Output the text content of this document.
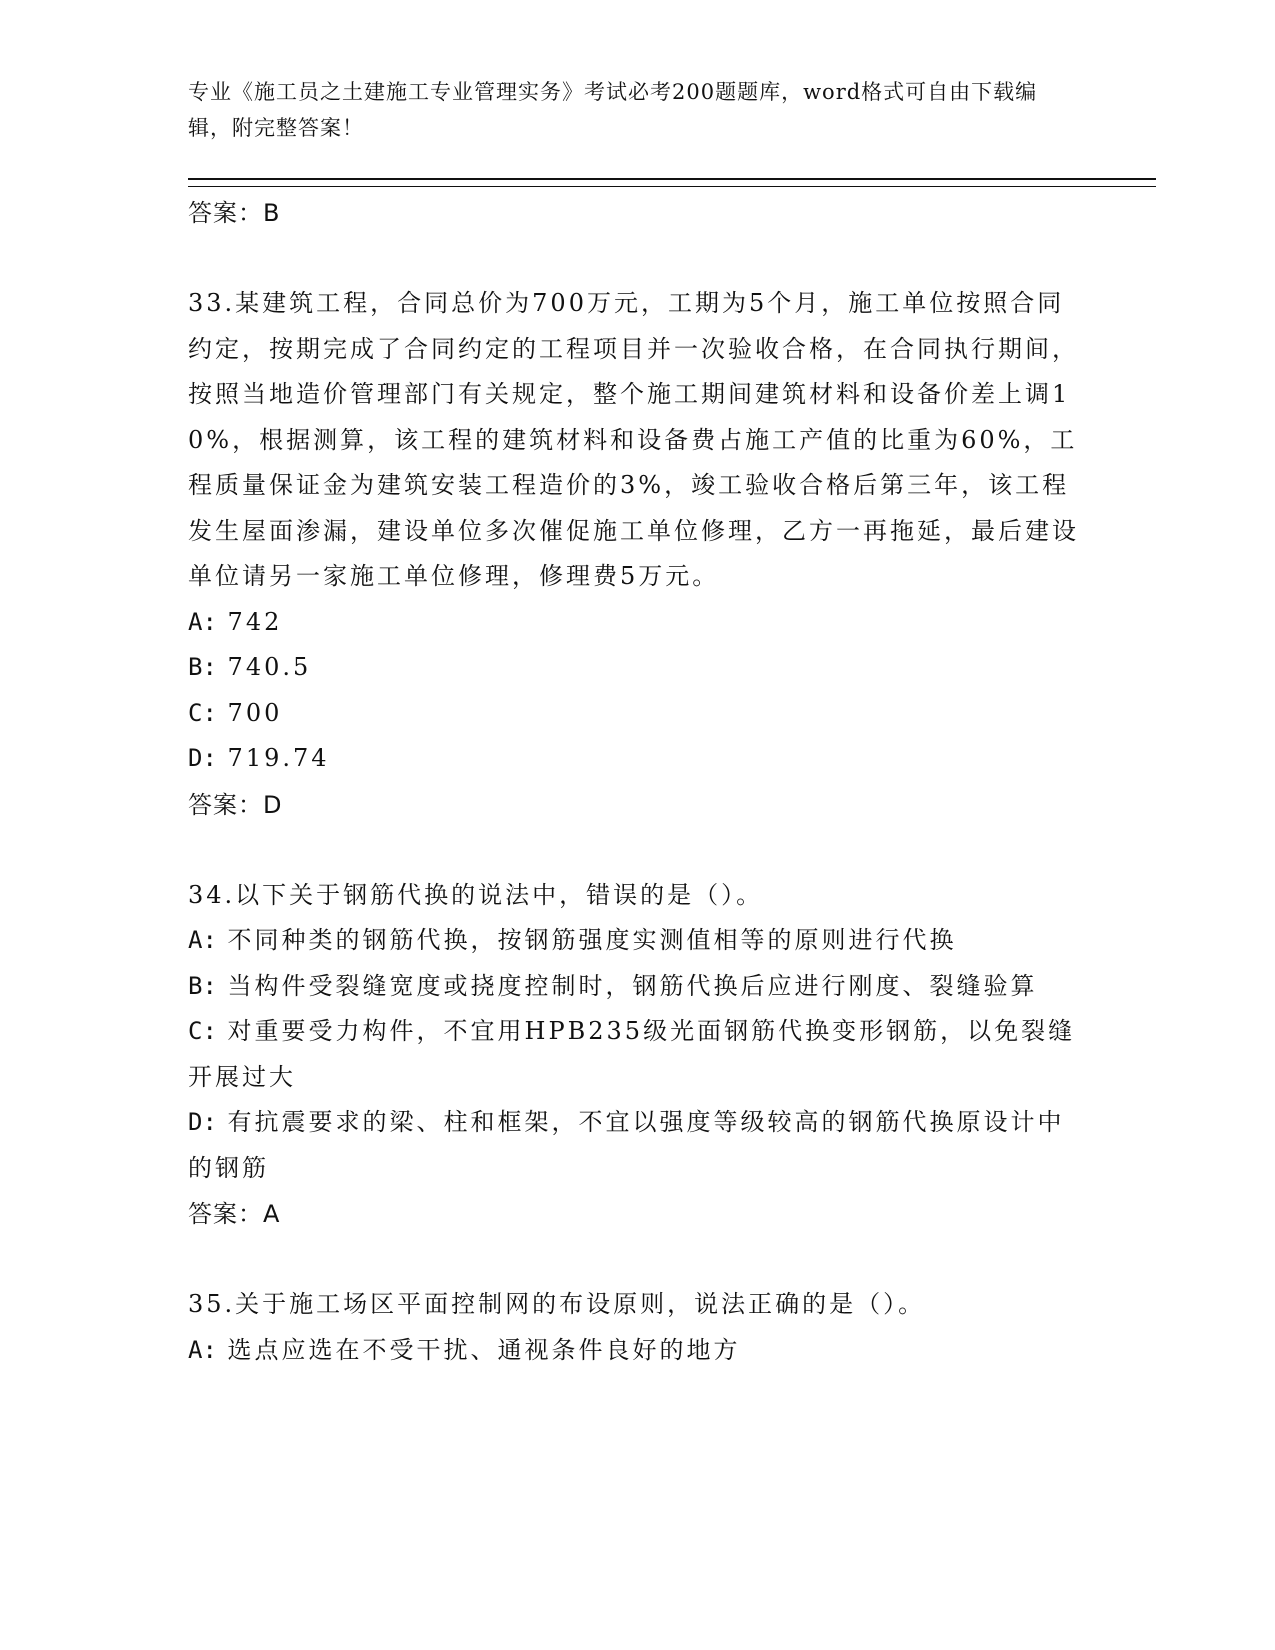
专业《施工员之土建施工专业管理实务》考试必考200题题库，word格式可自由下载编辑，附完整答案！
答案：B
33.某建筑工程，合同总价为700万元，工期为5个月，施工单位按照合同约定，按期完成了合同约定的工程项目并一次验收合格，在合同执行期间，按照当地造价管理部门有关规定，整个施工期间建筑材料和设备价差上调10%，根据测算，该工程的建筑材料和设备费占施工产值的比重为60%，工程质量保证金为建筑安装工程造价的3%，竣工验收合格后第三年，该工程发生屋面渗漏，建设单位多次催促施工单位修理，乙方一再拖延，最后建设单位请另一家施工单位修理，修理费5万元。
A: 742
B: 740.5
C: 700
D: 719.74
答案：D
34.以下关于钢筋代换的说法中，错误的是（）。
A: 不同种类的钢筋代换，按钢筋强度实测值相等的原则进行代换
B: 当构件受裂缝宽度或挠度控制时，钢筋代换后应进行刚度、裂缝验算
C: 对重要受力构件，不宜用HPB235级光面钢筋代换变形钢筋，以免裂缝开展过大
D: 有抗震要求的梁、柱和框架，不宜以强度等级较高的钢筋代换原设计中的钢筋
答案：A
35.关于施工场区平面控制网的布设原则，说法正确的是（）。
A: 选点应选在不受干扰、通视条件良好的地方
